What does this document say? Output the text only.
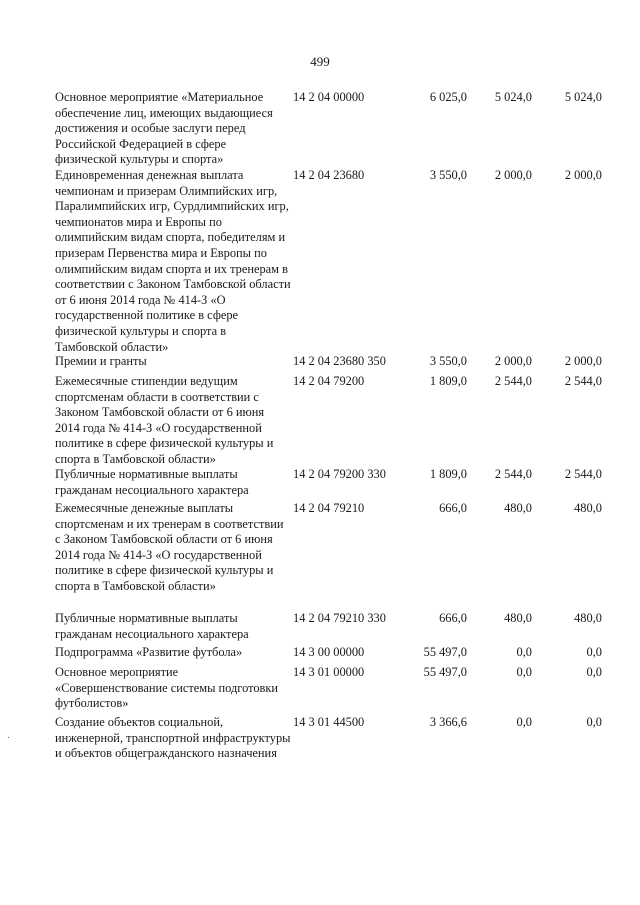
499
Основное мероприятие «Материальное обеспечение лиц, имеющих выдающиеся достижения и особые заслуги перед Российской Федерацией в сфере физической культуры и спорта»
14 2 04 00000	6 025,0	5 024,0	5 024,0
Единовременная денежная выплата чемпионам и призерам Олимпийских игр, Паралимпийских игр, Сурдлимпийских игр, чемпионатов мира и Европы по олимпийским видам спорта, победителям и призерам Первенства мира и Европы по олимпийским видам спорта и их тренерам в соответствии с Законом Тамбовской области от 6 июня 2014 года № 414-З «О государственной политике в сфере физической культуры и спорта в Тамбовской области»
14 2 04 23680	3 550,0	2 000,0	2 000,0
Премии и гранты	14 2 04 23680 350	3 550,0	2 000,0	2 000,0
Ежемесячные стипендии ведущим спортсменам области в соответствии с Законом Тамбовской области от 6 июня 2014 года № 414-З «О государственной политике в сфере физической культуры и спорта в Тамбовской области»
14 2 04 79200	1 809,0	2 544,0	2 544,0
Публичные нормативные выплаты гражданам несоциального характера
14 2 04 79200 330	1 809,0	2 544,0	2 544,0
Ежемесячные денежные выплаты спортсменам и их тренерам в соответствии с Законом Тамбовской области от 6 июня 2014 года № 414-З «О государственной политике в сфере физической культуры и спорта в Тамбовской области»
14 2 04 79210	666,0	480,0	480,0
Публичные нормативные выплаты гражданам несоциального характера
14 2 04 79210 330	666,0	480,0	480,0
Подпрограмма «Развитие футбола»	14 3 00 00000	55 497,0	0,0	0,0
Основное мероприятие «Совершенствование системы подготовки футболистов»
14 3 01 00000	55 497,0	0,0	0,0
Создание объектов социальной, инженерной, транспортной инфраструктуры и объектов общегражданского назначения
14 3 01 44500	3 366,6	0,0	0,0
·
